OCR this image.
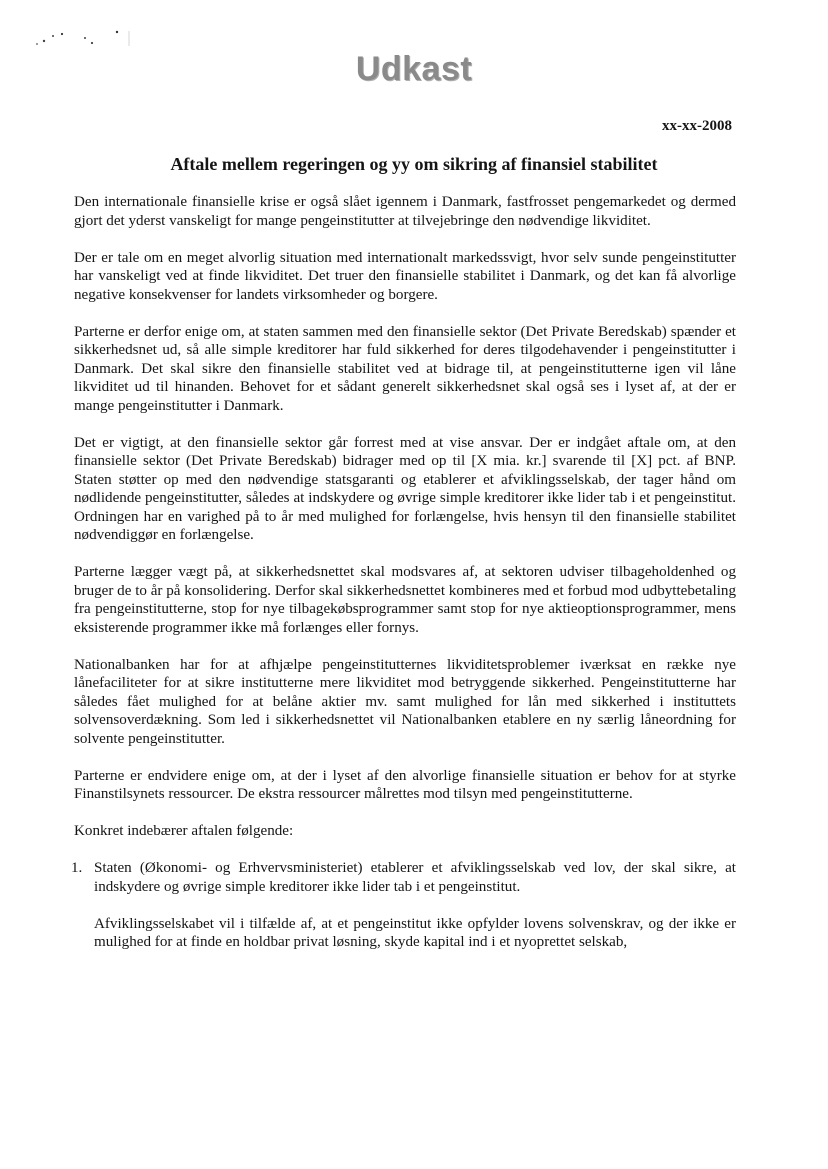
Udkast
xx-xx-2008
Aftale mellem regeringen og yy om sikring af finansiel stabilitet

Den internationale finansielle krise er også slået igennem i Danmark, fastfrosset pengemarkedet og dermed gjort det yderst vanskeligt for mange pengeinstitutter at tilvejebringe den nødvendige likviditet.

Der er tale om en meget alvorlig situation med internationalt markedssvigt, hvor selv sunde pengeinstitutter har vanskeligt ved at finde likviditet. Det truer den finansielle stabilitet i Danmark, og det kan få alvorlige negative konsekvenser for landets virksomheder og borgere.

Parterne er derfor enige om, at staten sammen med den finansielle sektor (Det Private Beredskab) spænder et sikkerhedsnet ud, så alle simple kreditorer har fuld sikkerhed for deres tilgodehavender i pengeinstitutter i Danmark. Det skal sikre den finansielle stabilitet ved at bidrage til, at pengeinstitutterne igen vil låne likviditet ud til hinanden. Behovet for et sådant generelt sikkerhedsnet skal også ses i lyset af, at der er mange pengeinstitutter i Danmark.

Det er vigtigt, at den finansielle sektor går forrest med at vise ansvar. Der er indgået aftale om, at den finansielle sektor (Det Private Beredskab) bidrager med op til [X mia. kr.] svarende til [X] pct. af BNP. Staten støtter op med den nødvendige statsgaranti og etablerer et afviklingsselskab, der tager hånd om nødlidende pengeinstitutter, således at indskydere og øvrige simple kreditorer ikke lider tab i et pengeinstitut. Ordningen har en varighed på to år med mulighed for forlængelse, hvis hensyn til den finansielle stabilitet nødvendiggør en forlængelse.

Parterne lægger vægt på, at sikkerhedsnettet skal modsvares af, at sektoren udviser tilbageholdenhed og bruger de to år på konsolidering. Derfor skal sikkerhedsnettet kombineres med et forbud mod udbyttebetaling fra pengeinstitutterne, stop for nye tilbagekøbsprogrammer samt stop for nye aktieoptionsprogrammer, mens eksisterende programmer ikke må forlænges eller fornys.

Nationalbanken har for at afhjælpe pengeinstitutternes likviditetsproblemer iværksat en række nye lånefaciliteter for at sikre institutterne mere likviditet mod betryggende sikkerhed. Pengeinstitutterne har således fået mulighed for at belåne aktier mv. samt mulighed for lån med sikkerhed i instituttets solvensoverdækning. Som led i sikkerhedsnettet vil Nationalbanken etablere en ny særlig låneordning for solvente pengeinstitutter.

Parterne er endvidere enige om, at der i lyset af den alvorlige finansielle situation er behov for at styrke Finanstilsynets ressourcer. De ekstra ressourcer målrettes mod tilsyn med pengeinstitutterne.

Konkret indebærer aftalen følgende:

1. Staten (Økonomi- og Erhvervsministeriet) etablerer et afviklingsselskab ved lov, der skal sikre, at indskydere og øvrige simple kreditorer ikke lider tab i et pengeinstitut.

Afviklingsselskabet vil i tilfælde af, at et pengeinstitut ikke opfylder lovens solvenskrav, og der ikke er mulighed for at finde en holdbar privat løsning, skyde kapital ind i et nyoprettet selskab,
